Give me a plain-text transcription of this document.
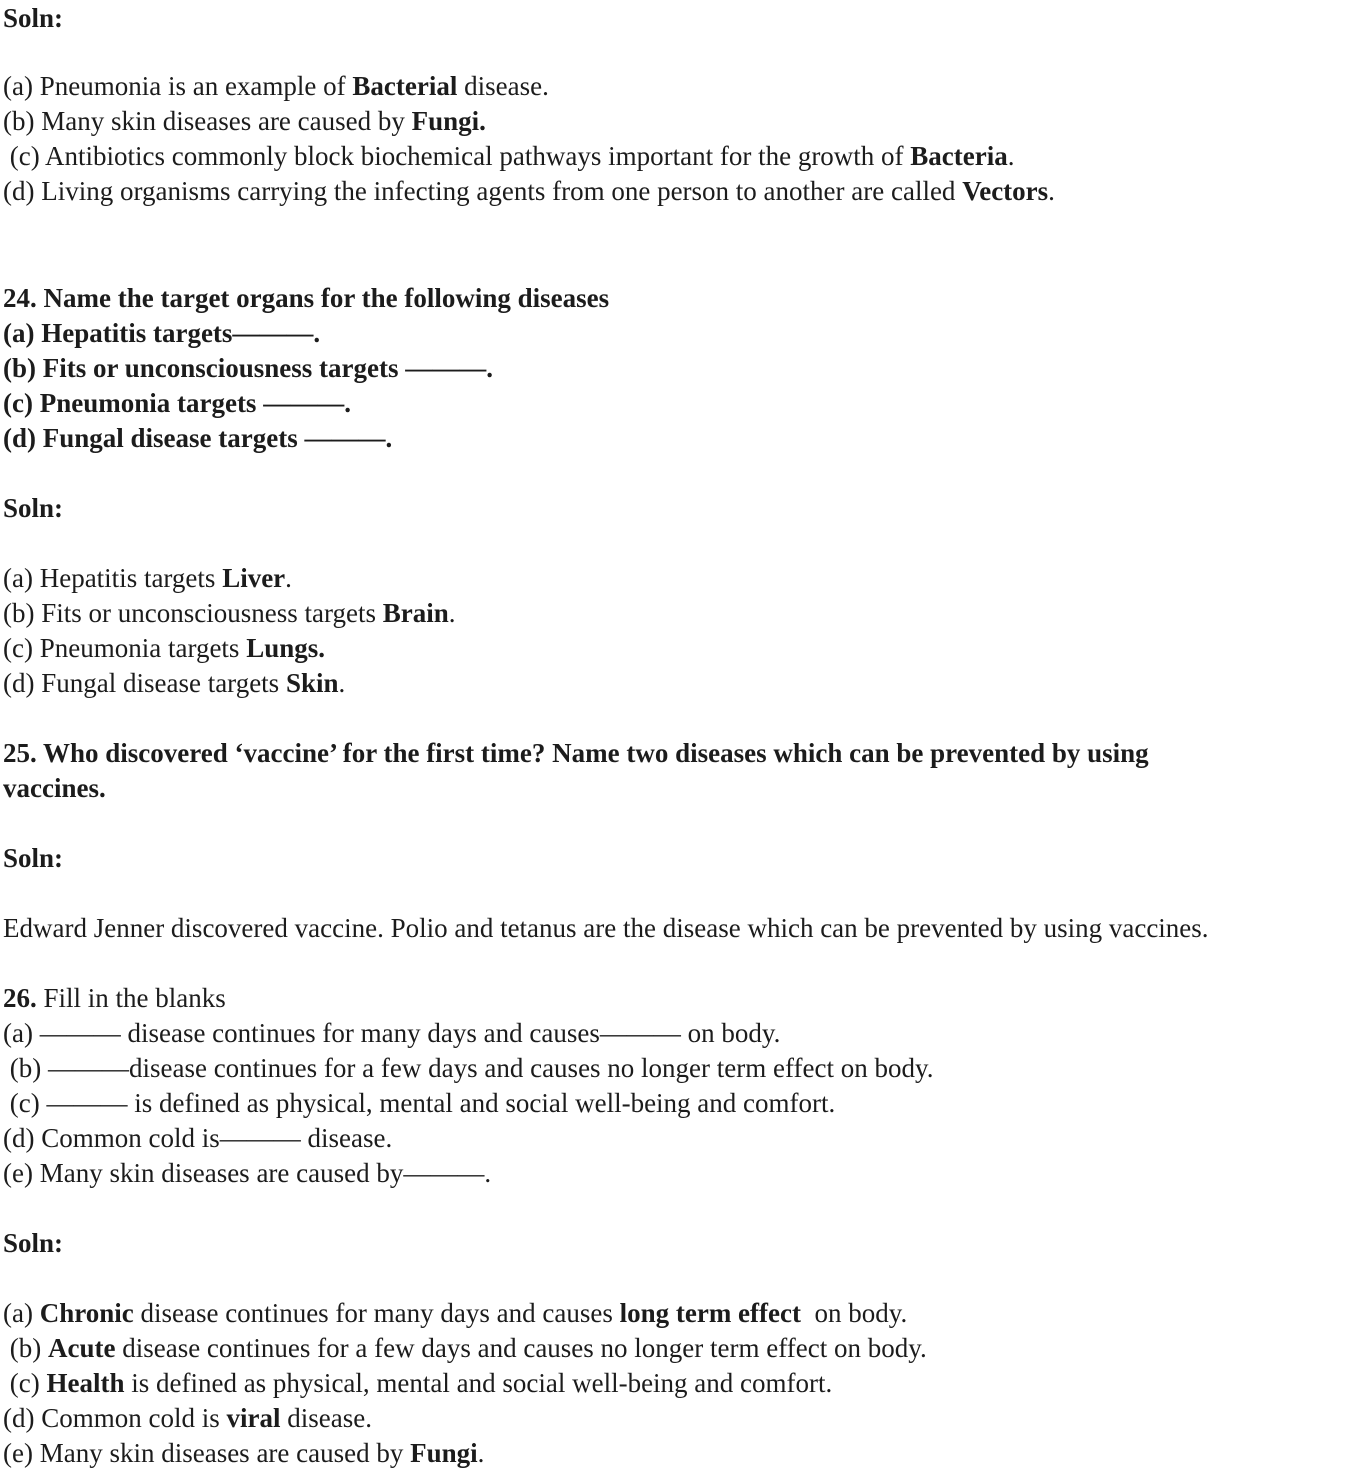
Soln:
(a) Pneumonia is an example of Bacterial disease.
(b) Many skin diseases are caused by Fungi.
(c) Antibiotics commonly block biochemical pathways important for the growth of Bacteria.
(d) Living organisms carrying the infecting agents from one person to another are called Vectors.
24. Name the target organs for the following diseases
(a) Hepatitis targets———.
(b) Fits or unconsciousness targets ———.
(c) Pneumonia targets ———.
(d) Fungal disease targets ———.
Soln:
(a) Hepatitis targets Liver.
(b) Fits or unconsciousness targets Brain.
(c) Pneumonia targets Lungs.
(d) Fungal disease targets Skin.
25. Who discovered ‘vaccine’ for the first time? Name two diseases which can be prevented by using
vaccines.
Soln:
Edward Jenner discovered vaccine. Polio and tetanus are the disease which can be prevented by using vaccines.
26. Fill in the blanks
(a) ——— disease continues for many days and causes——— on body.
(b) ———disease continues for a few days and causes no longer term effect on body.
(c) ——— is defined as physical, mental and social well-being and comfort.
(d) Common cold is——— disease.
(e) Many skin diseases are caused by———.
Soln:
(a) Chronic disease continues for many days and causes long term effect  on body.
(b) Acute disease continues for a few days and causes no longer term effect on body.
(c) Health is defined as physical, mental and social well-being and comfort.
(d) Common cold is viral disease.
(e) Many skin diseases are caused by Fungi.
